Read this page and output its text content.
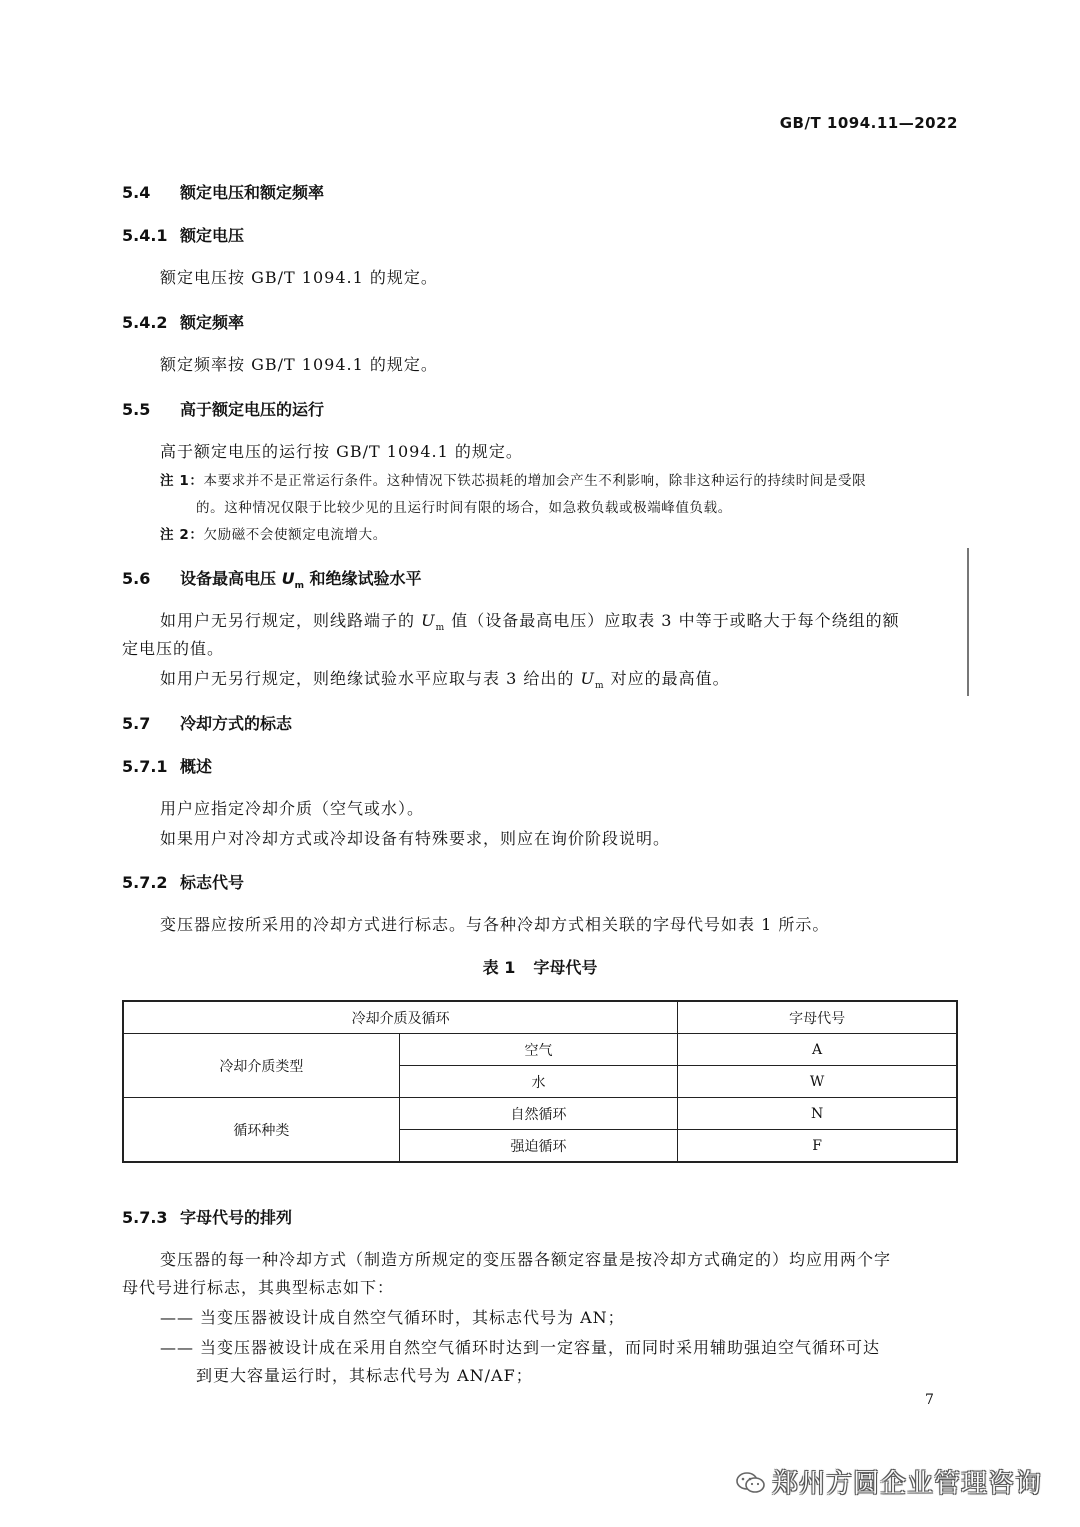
GB/T 1094.11—2022
5.4 额定电压和额定频率
5.4.1 额定电压
额定电压按 GB/T 1094.1 的规定。
5.4.2 额定频率
额定频率按 GB/T 1094.1 的规定。
5.5 高于额定电压的运行
高于额定电压的运行按 GB/T 1094.1 的规定。
注 1：本要求并不是正常运行条件。这种情况下铁芯损耗的增加会产生不利影响，除非这种运行的持续时间是受限
的。这种情况仅限于比较少见的且运行时间有限的场合，如急救负载或极端峰值负载。
注 2：欠励磁不会使额定电流增大。
5.6 设备最高电压 $U_m$ 和绝缘试验水平
如用户无另行规定，则线路端子的 $U_m$ 值（设备最高电压）应取表 3 中等于或略大于每个绕组的额
定电压的值。
如用户无另行规定，则绝缘试验水平应取与表 3 给出的 $U_m$ 对应的最高值。
5.7 冷却方式的标志
5.7.1 概述
用户应指定冷却介质（空气或水）。
如果用户对冷却方式或冷却设备有特殊要求，则应在询价阶段说明。
5.7.2 标志代号
变压器应按所采用的冷却方式进行标志。与各种冷却方式相关联的字母代号如表 1 所示。
表 1 字母代号
冷却介质及循环		字母代号
冷却介质类型	空气	A
	水	W
循环种类	自然循环	N
	强迫循环	F
5.7.3 字母代号的排列
变压器的每一种冷却方式（制造方所规定的变压器各额定容量是按冷却方式确定的）均应用两个字
母代号进行标志，其典型标志如下：
—— 当变压器被设计成自然空气循环时，其标志代号为 AN；
—— 当变压器被设计成在采用自然空气循环时达到一定容量，而同时采用辅助强迫空气循环可达
到更大容量运行时，其标志代号为 AN/AF；
7
郑州方圆企业管理咨询
